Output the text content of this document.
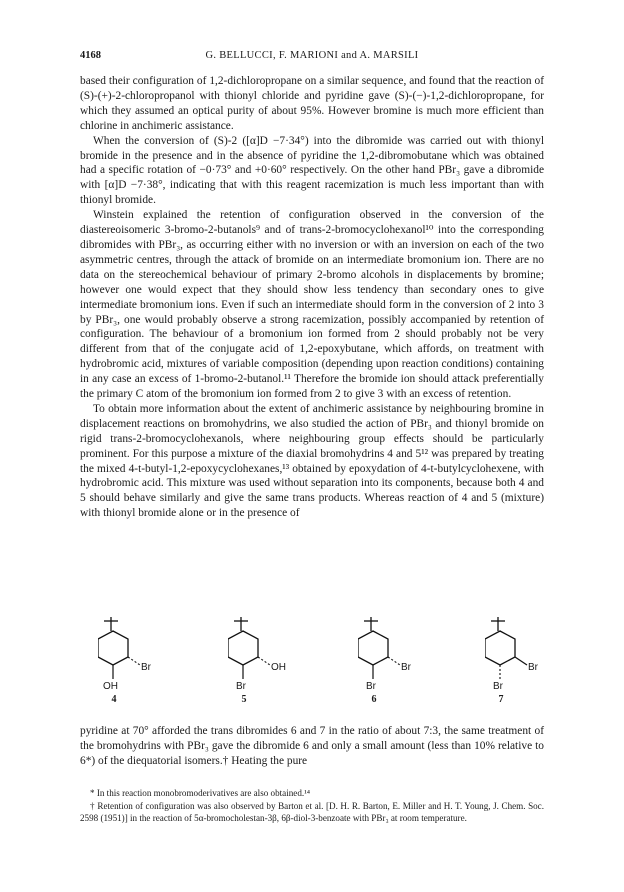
4168	G. BELLUCCI, F. MARIONI and A. MARSILI

based their configuration of 1,2-dichloropropane on a similar sequence, and found that the reaction of (S)-(+)-2-chloropropanol with thionyl chloride and pyridine gave (S)-(−)-1,2-dichloropropane, for which they assumed an optical purity of about 95%. However bromine is much more efficient than chlorine in anchimeric assistance.

When the conversion of (S)-2 ([α]D −7·34°) into the dibromide was carried out with thionyl bromide in the presence and in the absence of pyridine the 1,2-dibromobutane which was obtained had a specific rotation of −0·73° and +0·60° respectively. On the other hand PBr₃ gave a dibromide with [α]D −7·38°, indicating that with this reagent racemization is much less important than with thionyl bromide.

Winstein explained the retention of configuration observed in the conversion of the diastereoisomeric 3-bromo-2-butanols⁹ and of trans-2-bromocyclohexanol¹⁰ into the corresponding dibromides with PBr₃, as occurring either with no inversion or with an inversion on each of the two asymmetric centres, through the attack of bromide on an intermediate bromonium ion. There are no data on the stereochemical behaviour of primary 2-bromo alcohols in displacements by bromine; however one would expect that they should show less tendency than secondary ones to give intermediate bromonium ions. Even if such an intermediate should form in the conversion of 2 into 3 by PBr₃, one would probably observe a strong racemization, possibly accompanied by retention of configuration. The behaviour of a bromonium ion formed from 2 should probably not be very different from that of the conjugate acid of 1,2-epoxybutane, which affords, on treatment with hydrobromic acid, mixtures of variable composition (depending upon reaction conditions) containing in any case an excess of 1-bromo-2-butanol.¹¹ Therefore the bromide ion should attack preferentially the primary C atom of the bromonium ion formed from 2 to give 3 with an excess of retention.

To obtain more information about the extent of anchimeric assistance by neighbouring bromine in displacement reactions on bromohydrins, we also studied the action of PBr₃ and thionyl bromide on rigid trans-2-bromocyclohexanols, where neighbouring group effects should be particularly prominent. For this purpose a mixture of the diaxial bromohydrins 4 and 5¹² was prepared by treating the mixed 4-t-butyl-1,2-epoxycyclohexanes,¹³ obtained by epoxydation of 4-t-butylcyclohexene, with hydrobromic acid. This mixture was used without separation into its components, because both 4 and 5 should behave similarly and give the same trans products. Whereas reaction of 4 and 5 (mixture) with thionyl bromide alone or in the presence of

Br
OH
4
OH
Br
5
Br
Br
6
Br
Br
7

pyridine at 70° afforded the trans dibromides 6 and 7 in the ratio of about 7:3, the same treatment of the bromohydrins with PBr₃ gave the dibromide 6 and only a small amount (less than 10% relative to 6*) of the diequatorial isomers.† Heating the pure

* In this reaction monobromoderivatives are also obtained.¹⁴

† Retention of configuration was also observed by Barton et al. [D. H. R. Barton, E. Miller and H. T. Young, J. Chem. Soc. 2598 (1951)] in the reaction of 5α-bromocholestan-3β, 6β-diol-3-benzoate with PBr₃ at room temperature.
